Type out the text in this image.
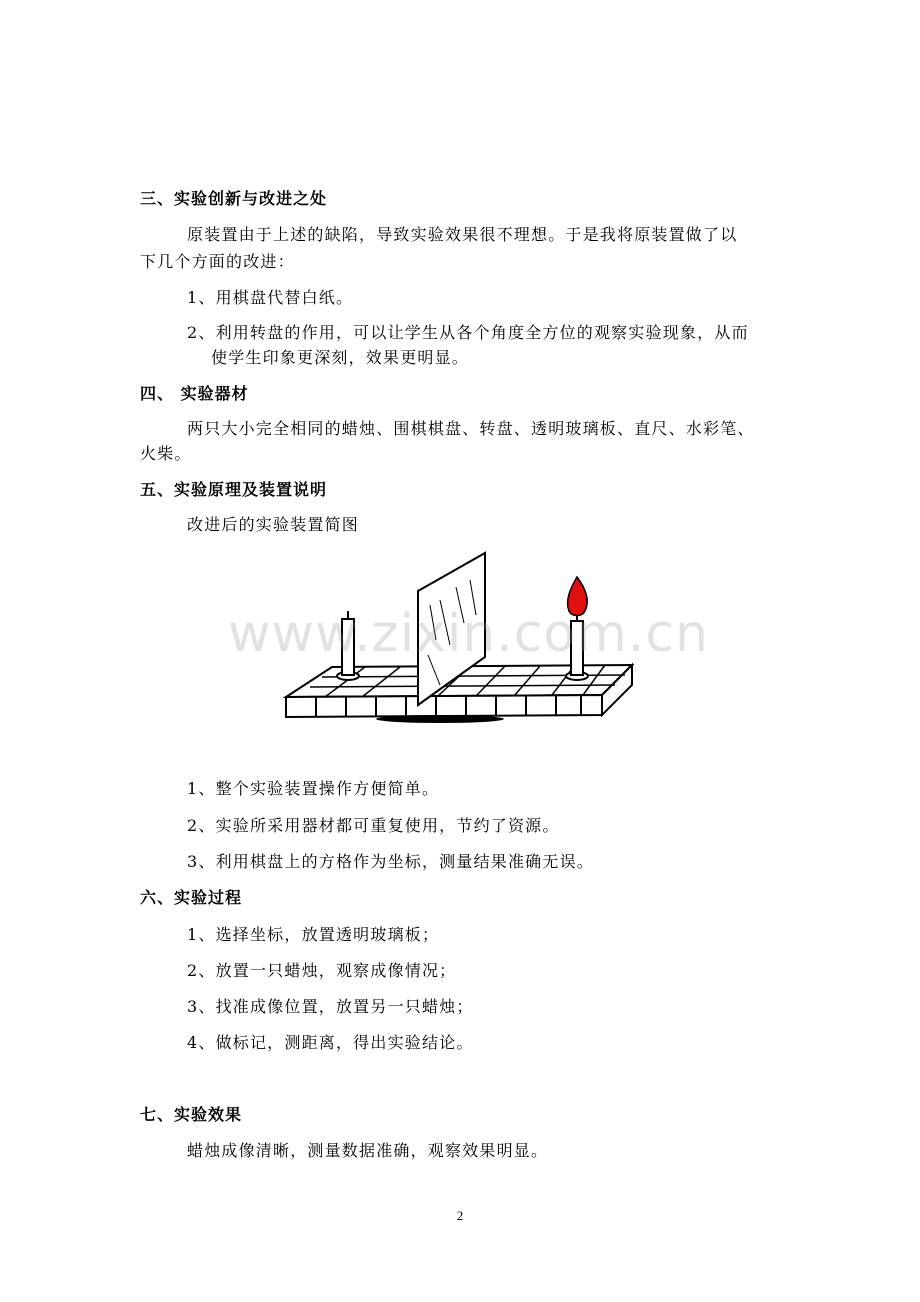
三、实验创新与改进之处
原装置由于上述的缺陷，导致实验效果很不理想。于是我将原装置做了以
下几个方面的改进：
1、用棋盘代替白纸。
2、利用转盘的作用，可以让学生从各个角度全方位的观察实验现象，从而
使学生印象更深刻，效果更明显。
四、 实验器材
两只大小完全相同的蜡烛、围棋棋盘、转盘、透明玻璃板、直尺、水彩笔、
火柴。
五、实验原理及装置说明
改进后的实验装置简图
www.zixin.com.cn
1、整个实验装置操作方便简单。
2、实验所采用器材都可重复使用，节约了资源。
3、利用棋盘上的方格作为坐标，测量结果准确无误。
六、实验过程
1、选择坐标，放置透明玻璃板；
2、放置一只蜡烛，观察成像情况；
3、找准成像位置，放置另一只蜡烛；
4、做标记，测距离，得出实验结论。
七、实验效果
蜡烛成像清晰，测量数据准确，观察效果明显。
2
